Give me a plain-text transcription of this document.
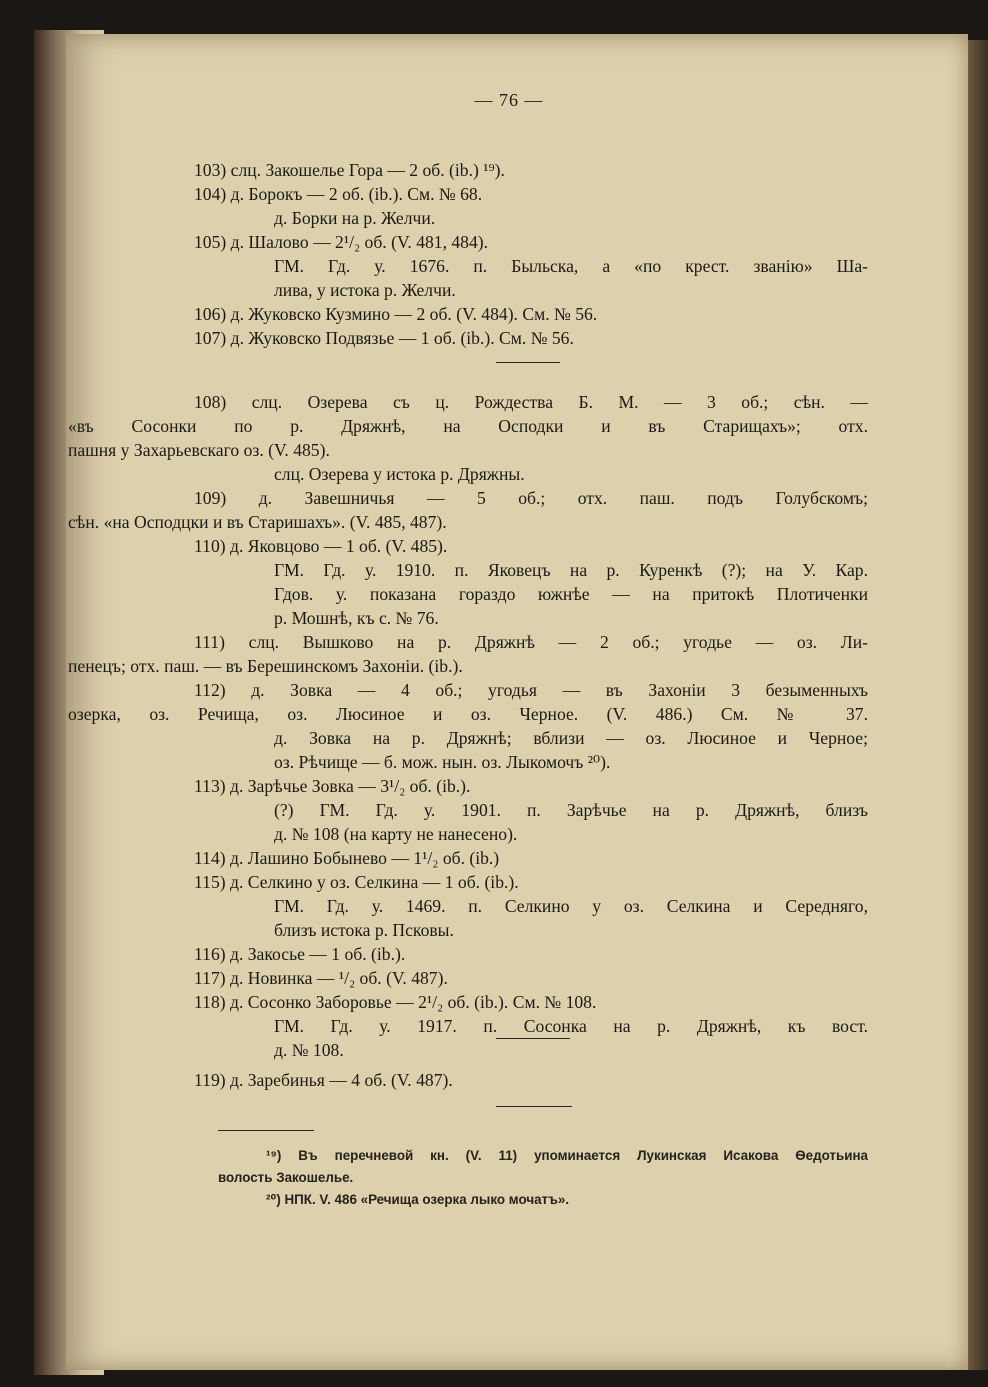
— 76 —
103) слц. Закошелье Гора — 2 об. (ib.) ¹⁹).
104) д. Борокъ — 2 об. (ib.). См. № 68.
д. Борки на р. Желчи.
105) д. Шалово — 2¹/₂ об. (V. 481, 484).
ГМ. Гд. у. 1676. п. Быльска, а «по крест. званію» Ша-
лива, у истока р. Желчи.
106) д. Жуковско Кузмино — 2 об. (V. 484). См. № 56.
107) д. Жуковско Подвязье — 1 об. (ib.). См. № 56.
108) слц. Озерева съ ц. Рождества Б. М. — 3 об.; сѣн. —
«въ Сосонки по р. Дряжнѣ, на Осподки и въ Старищахъ»; отх.
пашня у Захарьевскаго оз. (V. 485).
слц. Озерева у истока р. Дряжны.
109) д. Завешничья — 5 об.; отх. паш. подъ Голубскомъ;
сѣн. «на Осподцки и въ Старишахъ». (V. 485, 487).
110) д. Яковцово — 1 об. (V. 485).
ГМ. Гд. у. 1910. п. Яковецъ на р. Куренкѣ (?); на У. Кар.
Гдов. у. показана гораздо южнѣе — на притокѣ Плотиченки
р. Мошнѣ, къ с. № 76.
111) слц. Вышково на р. Дряжнѣ — 2 об.; угодье — оз. Ли-
пенецъ; отх. паш. — въ Берешинскомъ Захоніи. (ib.).
112) д. Зовка — 4 об.; угодья — въ Захоніи 3 безыменныхъ
озерка, оз. Речища, оз. Люсиное и оз. Черное. (V. 486.) См. № 37.
д. Зовка на р. Дряжнѣ; вблизи — оз. Люсиное и Черное;
оз. Рѣчище — б. мож. нын. оз. Лыкомочъ ²⁰).
113) д. Зарѣчье Зовка — 3¹/₂ об. (ib.).
(?) ГМ. Гд. у. 1901. п. Зарѣчье на р. Дряжнѣ, близъ
д. № 108 (на карту не нанесено).
114) д. Лашино Бобынево — 1¹/₂ об. (ib.)
115) д. Селкино у оз. Селкина — 1 об. (ib.).
ГМ. Гд. у. 1469. п. Селкино у оз. Селкина и Середняго,
близъ истока р. Псковы.
116) д. Закосье — 1 об. (ib.).
117) д. Новинка — ¹/₂ об. (V. 487).
118) д. Сосонко Заборовье — 2¹/₂ об. (ib.). См. № 108.
ГМ. Гд. у. 1917. п. Сосонка на р. Дряжнѣ, къ вост.
д. № 108.
119) д. Заребинья — 4 об. (V. 487).
¹⁹) Въ перечневой кн. (V. 11) упоминается Лукинская Исакова Ѳедотьина
волость Закошелье.
²⁰) НПК. V. 486 «Речища озерка лыко мочатъ».
